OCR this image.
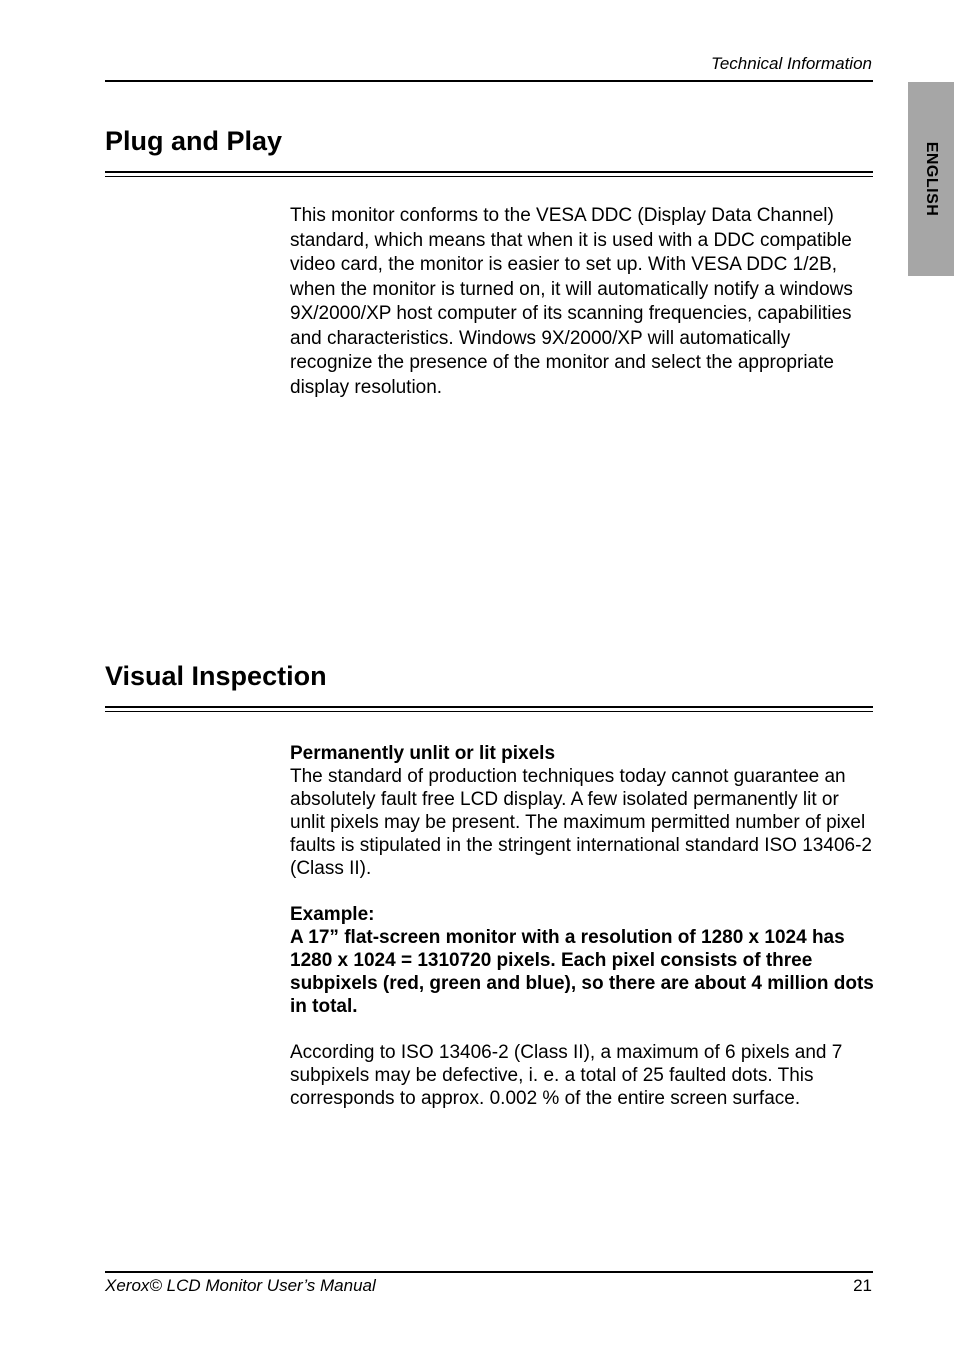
Technical Information
ENGLISH
Plug and Play

This monitor conforms to the VESA DDC (Display Data Channel) standard, which means that when it is used with a DDC compatible video card, the monitor is easier to set up. With VESA DDC 1/2B, when the monitor is turned on, it will automatically notify a windows 9X/2000/XP host computer of its scanning frequencies, capabilities and characteristics. Windows 9X/2000/XP will automatically recognize the presence of the monitor and select the appropriate display resolution.

Visual Inspection

Permanently unlit or lit pixels

The standard of production techniques today cannot guarantee an absolutely fault free LCD display. A few isolated permanently lit or unlit pixels may be present. The maximum permitted number of pixel faults is stipulated in the stringent international standard ISO 13406-2 (Class II).

Example:

A 17” flat-screen monitor with a resolution of 1280 x 1024 has 1280 x 1024 = 1310720 pixels. Each pixel consists of three subpixels (red, green and blue), so there are about 4 million dots in total.

According to ISO 13406-2 (Class II), a maximum of 6 pixels and 7 subpixels may be defective, i. e. a total of 25 faulted dots. This corresponds to approx. 0.002 % of the entire screen surface.

Xerox© LCD Monitor User’s Manual	21
